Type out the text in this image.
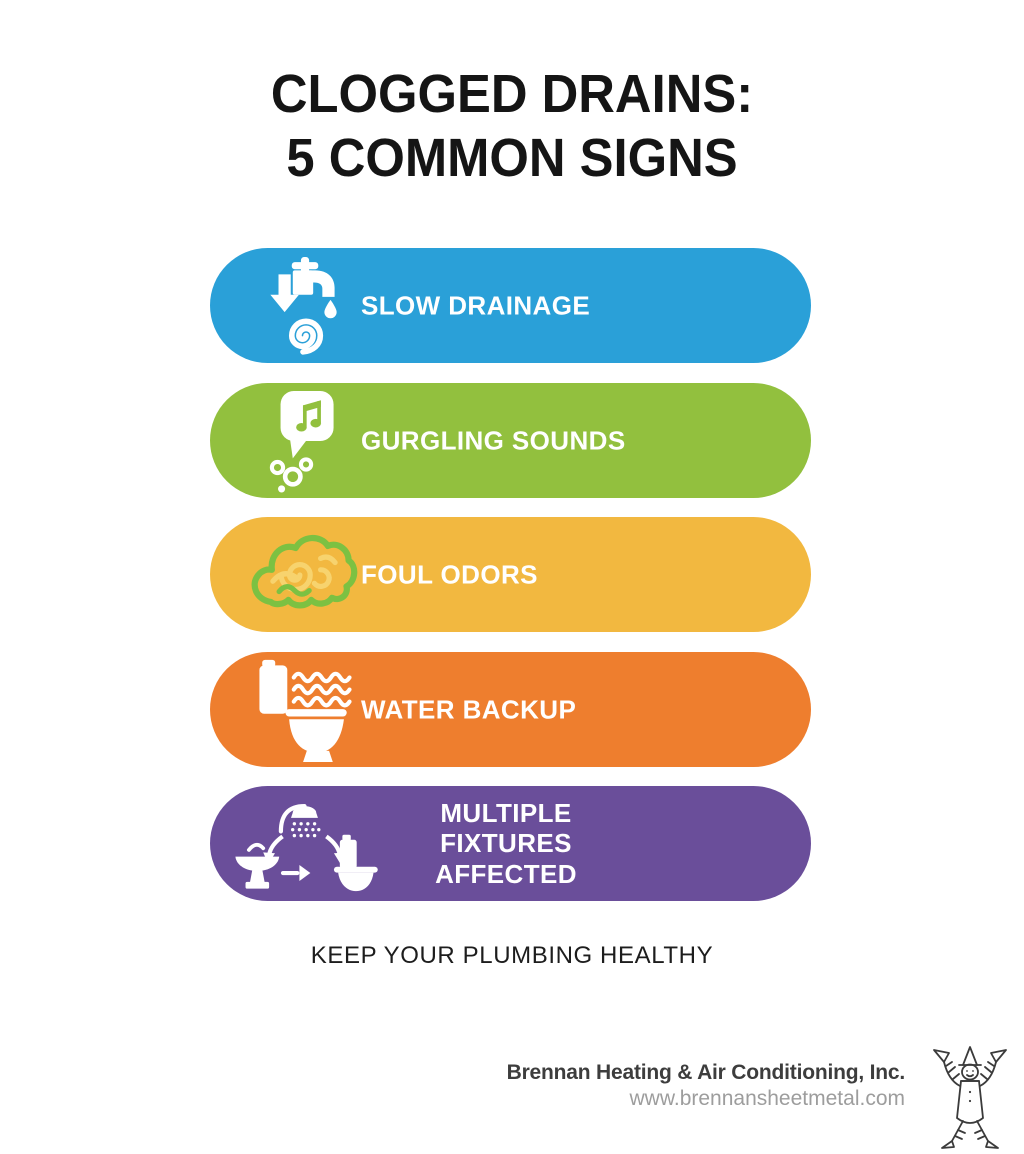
CLOGGED DRAINS:
5 COMMON SIGNS
SLOW DRAINAGE
GURGLING SOUNDS
FOUL ODORS
WATER BACKUP
MULTIPLE FIXTURES AFFECTED
KEEP YOUR PLUMBING HEALTHY
Brennan Heating & Air Conditioning, Inc.
www.brennansheetmetal.com
